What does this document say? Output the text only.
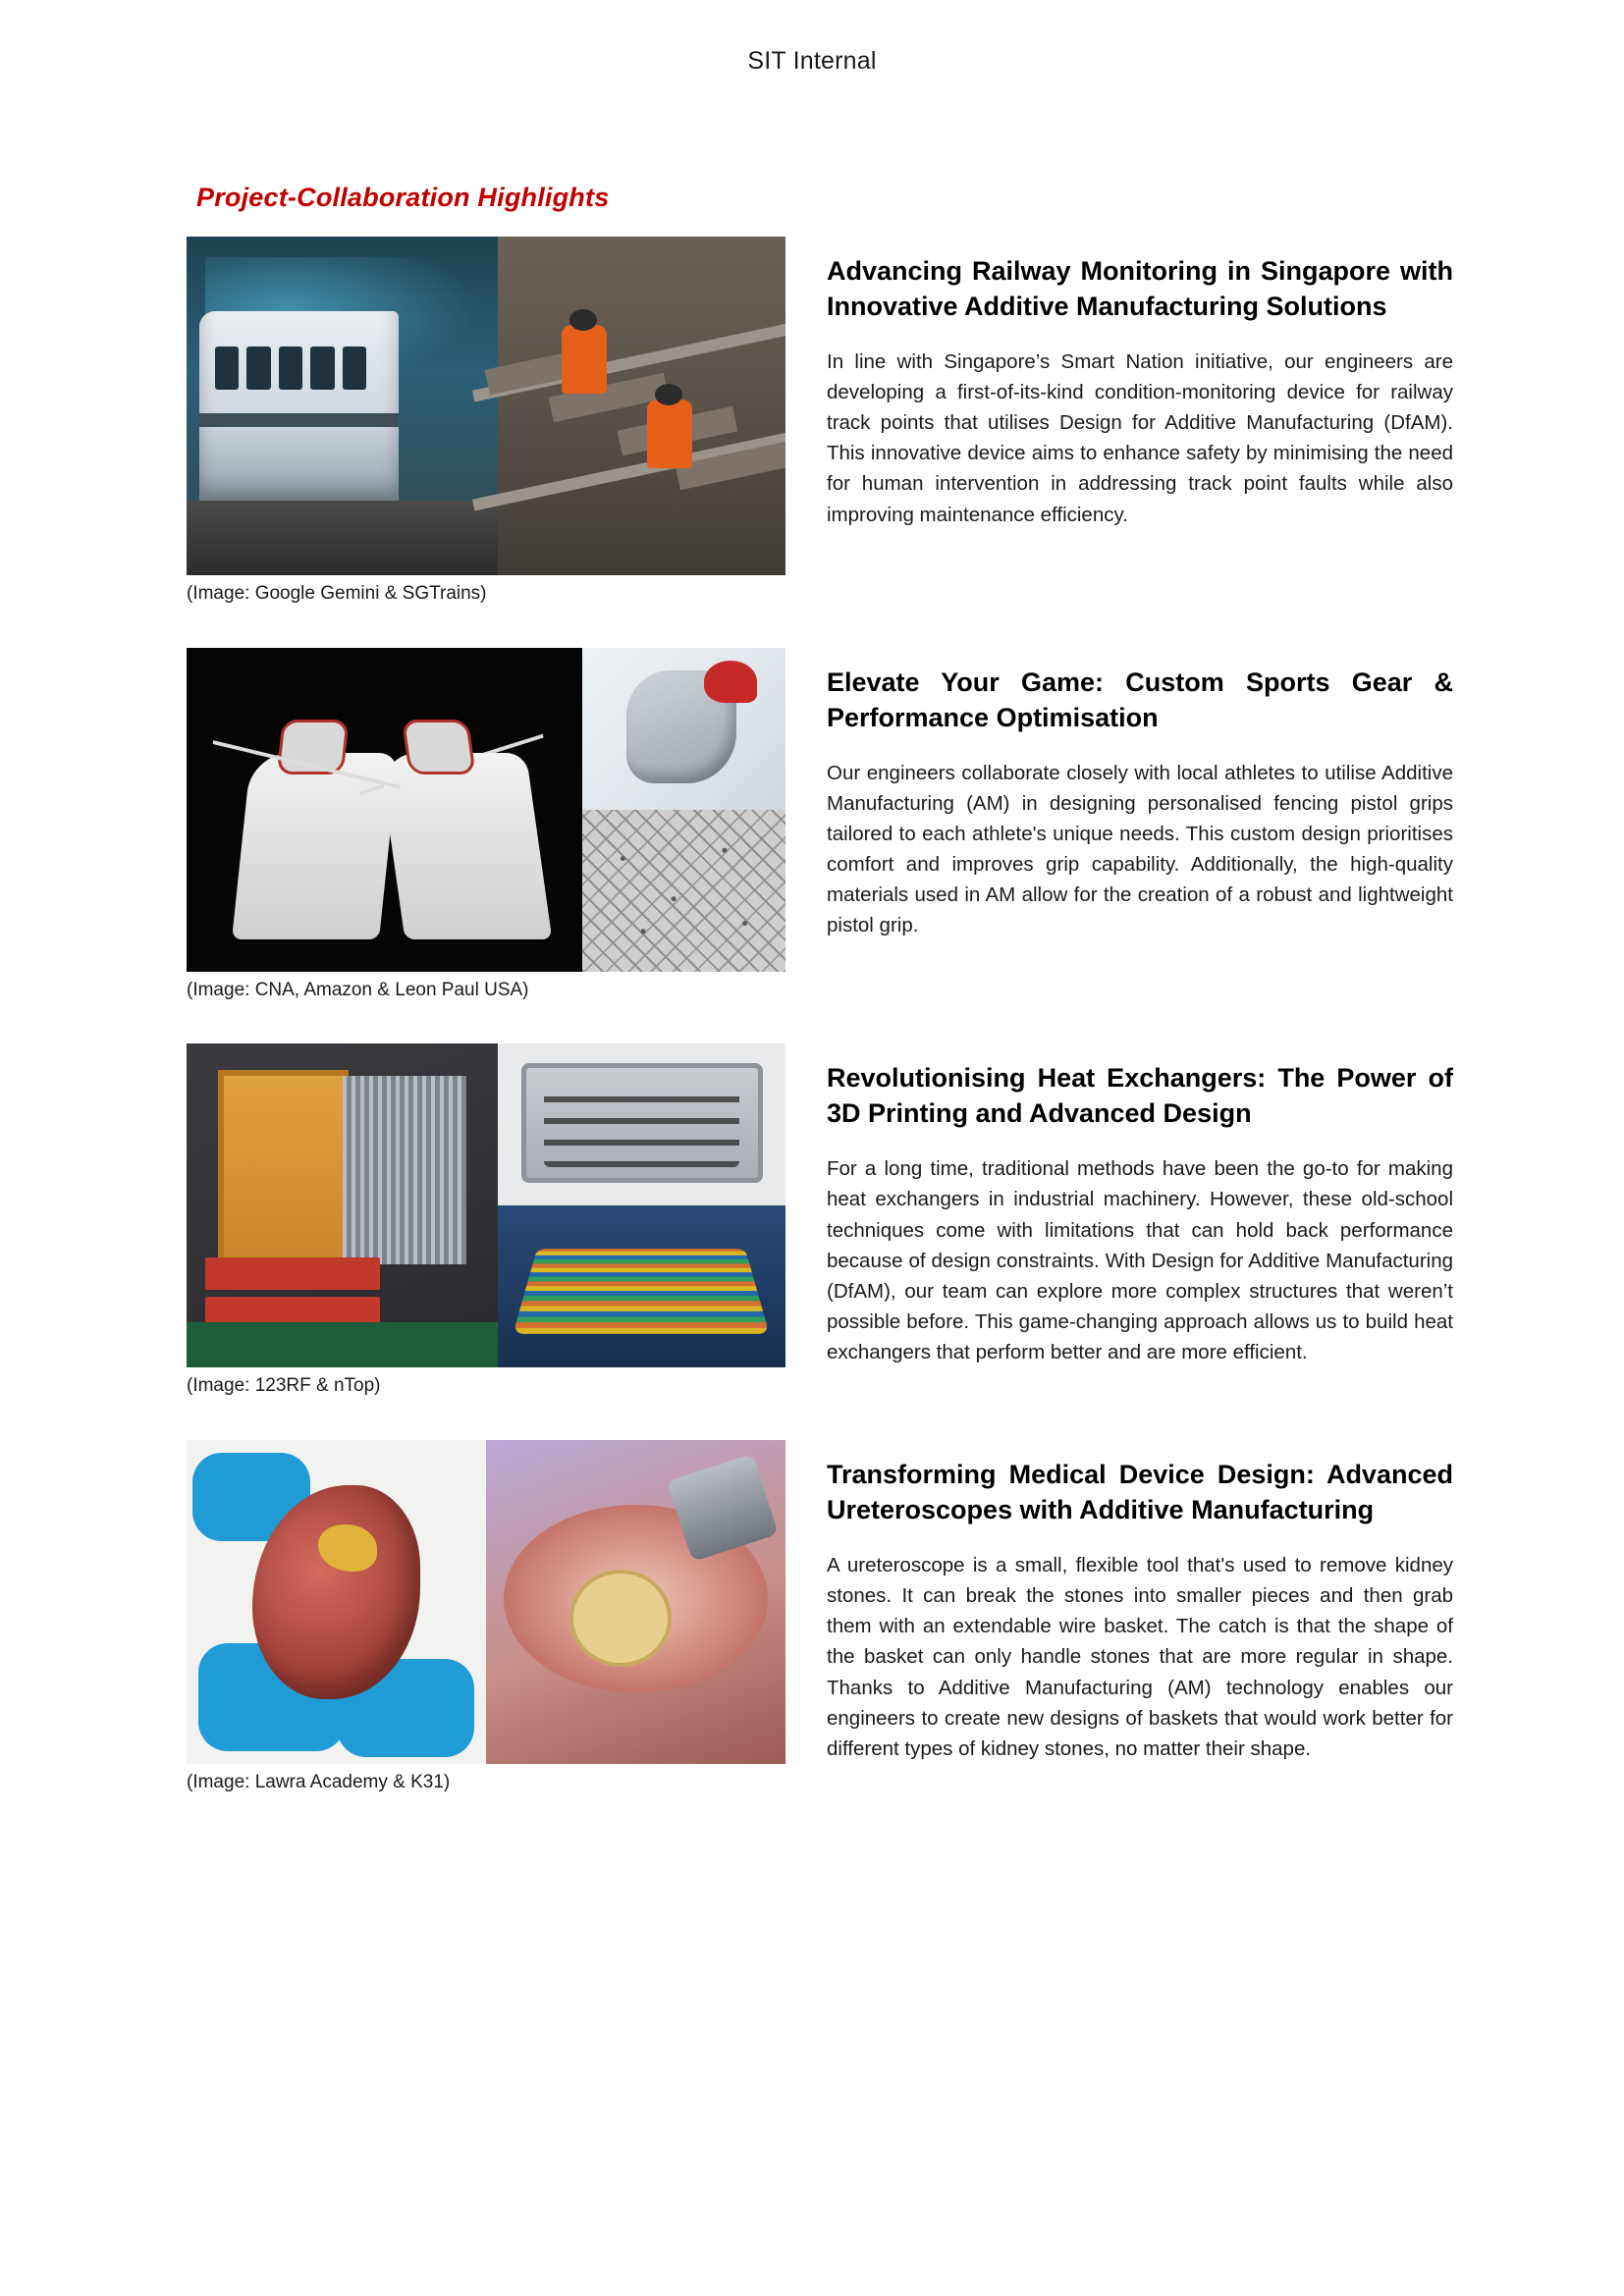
SIT Internal
Project-Collaboration Highlights
(Image: Google Gemini & SGTrains)
Advancing Railway Monitoring in Singapore with Innovative Additive Manufacturing Solutions

In line with Singapore’s Smart Nation initiative, our engineers are developing a first-of-its-kind condition-monitoring device for railway track points that utilises Design for Additive Manufacturing (DfAM). This innovative device aims to enhance safety by minimising the need for human intervention in addressing track point faults while also improving maintenance efficiency.

(Image: CNA, Amazon & Leon Paul USA)
Elevate Your Game: Custom Sports Gear & Performance Optimisation

Our engineers collaborate closely with local athletes to utilise Additive Manufacturing (AM) in designing personalised fencing pistol grips tailored to each athlete's unique needs. This custom design prioritises comfort and improves grip capability. Additionally, the high-quality materials used in AM allow for the creation of a robust and lightweight pistol grip.

(Image: 123RF & nTop)
Revolutionising Heat Exchangers: The Power of 3D Printing and Advanced Design

For a long time, traditional methods have been the go-to for making heat exchangers in industrial machinery. However, these old-school techniques come with limitations that can hold back performance because of design constraints. With Design for Additive Manufacturing (DfAM), our team can explore more complex structures that weren’t possible before. This game-changing approach allows us to build heat exchangers that perform better and are more efficient.

(Image: Lawra Academy & K31)
Transforming Medical Device Design: Advanced Ureteroscopes with Additive Manufacturing

A ureteroscope is a small, flexible tool that's used to remove kidney stones. It can break the stones into smaller pieces and then grab them with an extendable wire basket. The catch is that the shape of the basket can only handle stones that are more regular in shape. Thanks to Additive Manufacturing (AM) technology enables our engineers to create new designs of baskets that would work better for different types of kidney stones, no matter their shape.
